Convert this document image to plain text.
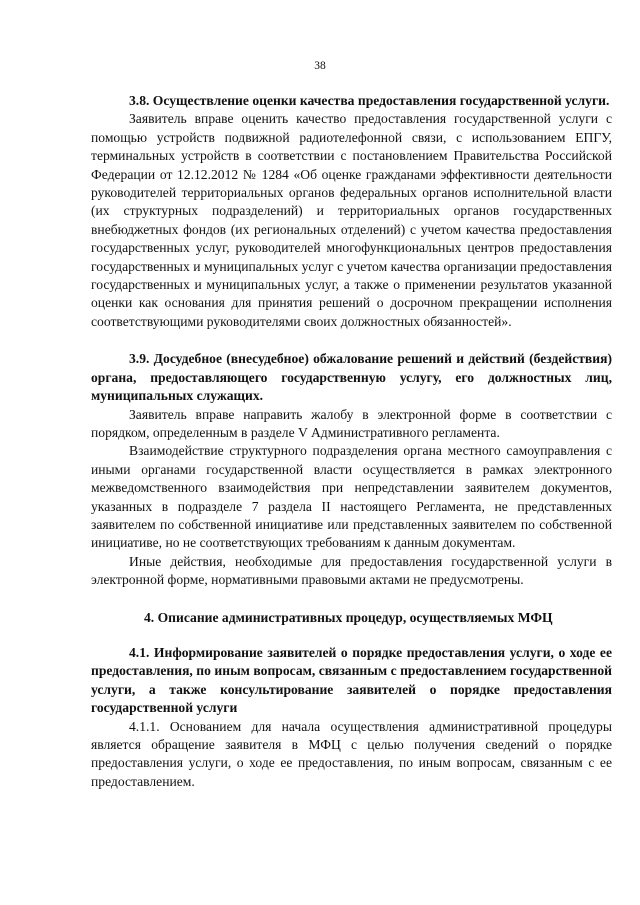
38

3.8. Осуществление оценки качества предоставления государственной услуги.

Заявитель вправе оценить качество предоставления государственной услуги с помощью устройств подвижной радиотелефонной связи, с использованием ЕПГУ, терминальных устройств в соответствии с постановлением Правительства Российской Федерации от 12.12.2012 № 1284 «Об оценке гражданами эффективности деятельности руководителей территориальных органов федеральных органов исполнительной власти (их структурных подразделений) и территориальных органов государственных внебюджетных фондов (их региональных отделений) с учетом качества предоставления государственных услуг, руководителей многофункциональных центров предоставления государственных и муниципальных услуг с учетом качества организации предоставления государственных и муниципальных услуг, а также о применении результатов указанной оценки как основания для принятия решений о досрочном прекращении исполнения соответствующими руководителями своих должностных обязанностей».

3.9. Досудебное (внесудебное) обжалование решений и действий (бездействия) органа, предоставляющего государственную услугу, его должностных лиц, муниципальных служащих.

Заявитель вправе направить жалобу в электронной форме в соответствии с порядком, определенным в разделе V Административного регламента.

Взаимодействие структурного подразделения органа местного самоуправления с иными органами государственной власти осуществляется в рамках электронного межведомственного взаимодействия при непредставлении заявителем документов, указанных в подразделе 7 раздела II настоящего Регламента, не представленных заявителем по собственной инициативе или представленных заявителем по собственной инициативе, но не соответствующих требованиям к данным документам.

Иные действия, необходимые для предоставления государственной услуги в электронной форме, нормативными правовыми актами не предусмотрены.

4. Описание административных процедур, осуществляемых МФЦ

4.1. Информирование заявителей о порядке предоставления услуги, о ходе ее предоставления, по иным вопросам, связанным с предоставлением государственной услуги, а также консультирование заявителей о порядке предоставления государственной услуги

4.1.1. Основанием для начала осуществления административной процедуры является обращение заявителя в МФЦ с целью получения сведений о порядке предоставления услуги, о ходе ее предоставления, по иным вопросам, связанным с ее предоставлением.
